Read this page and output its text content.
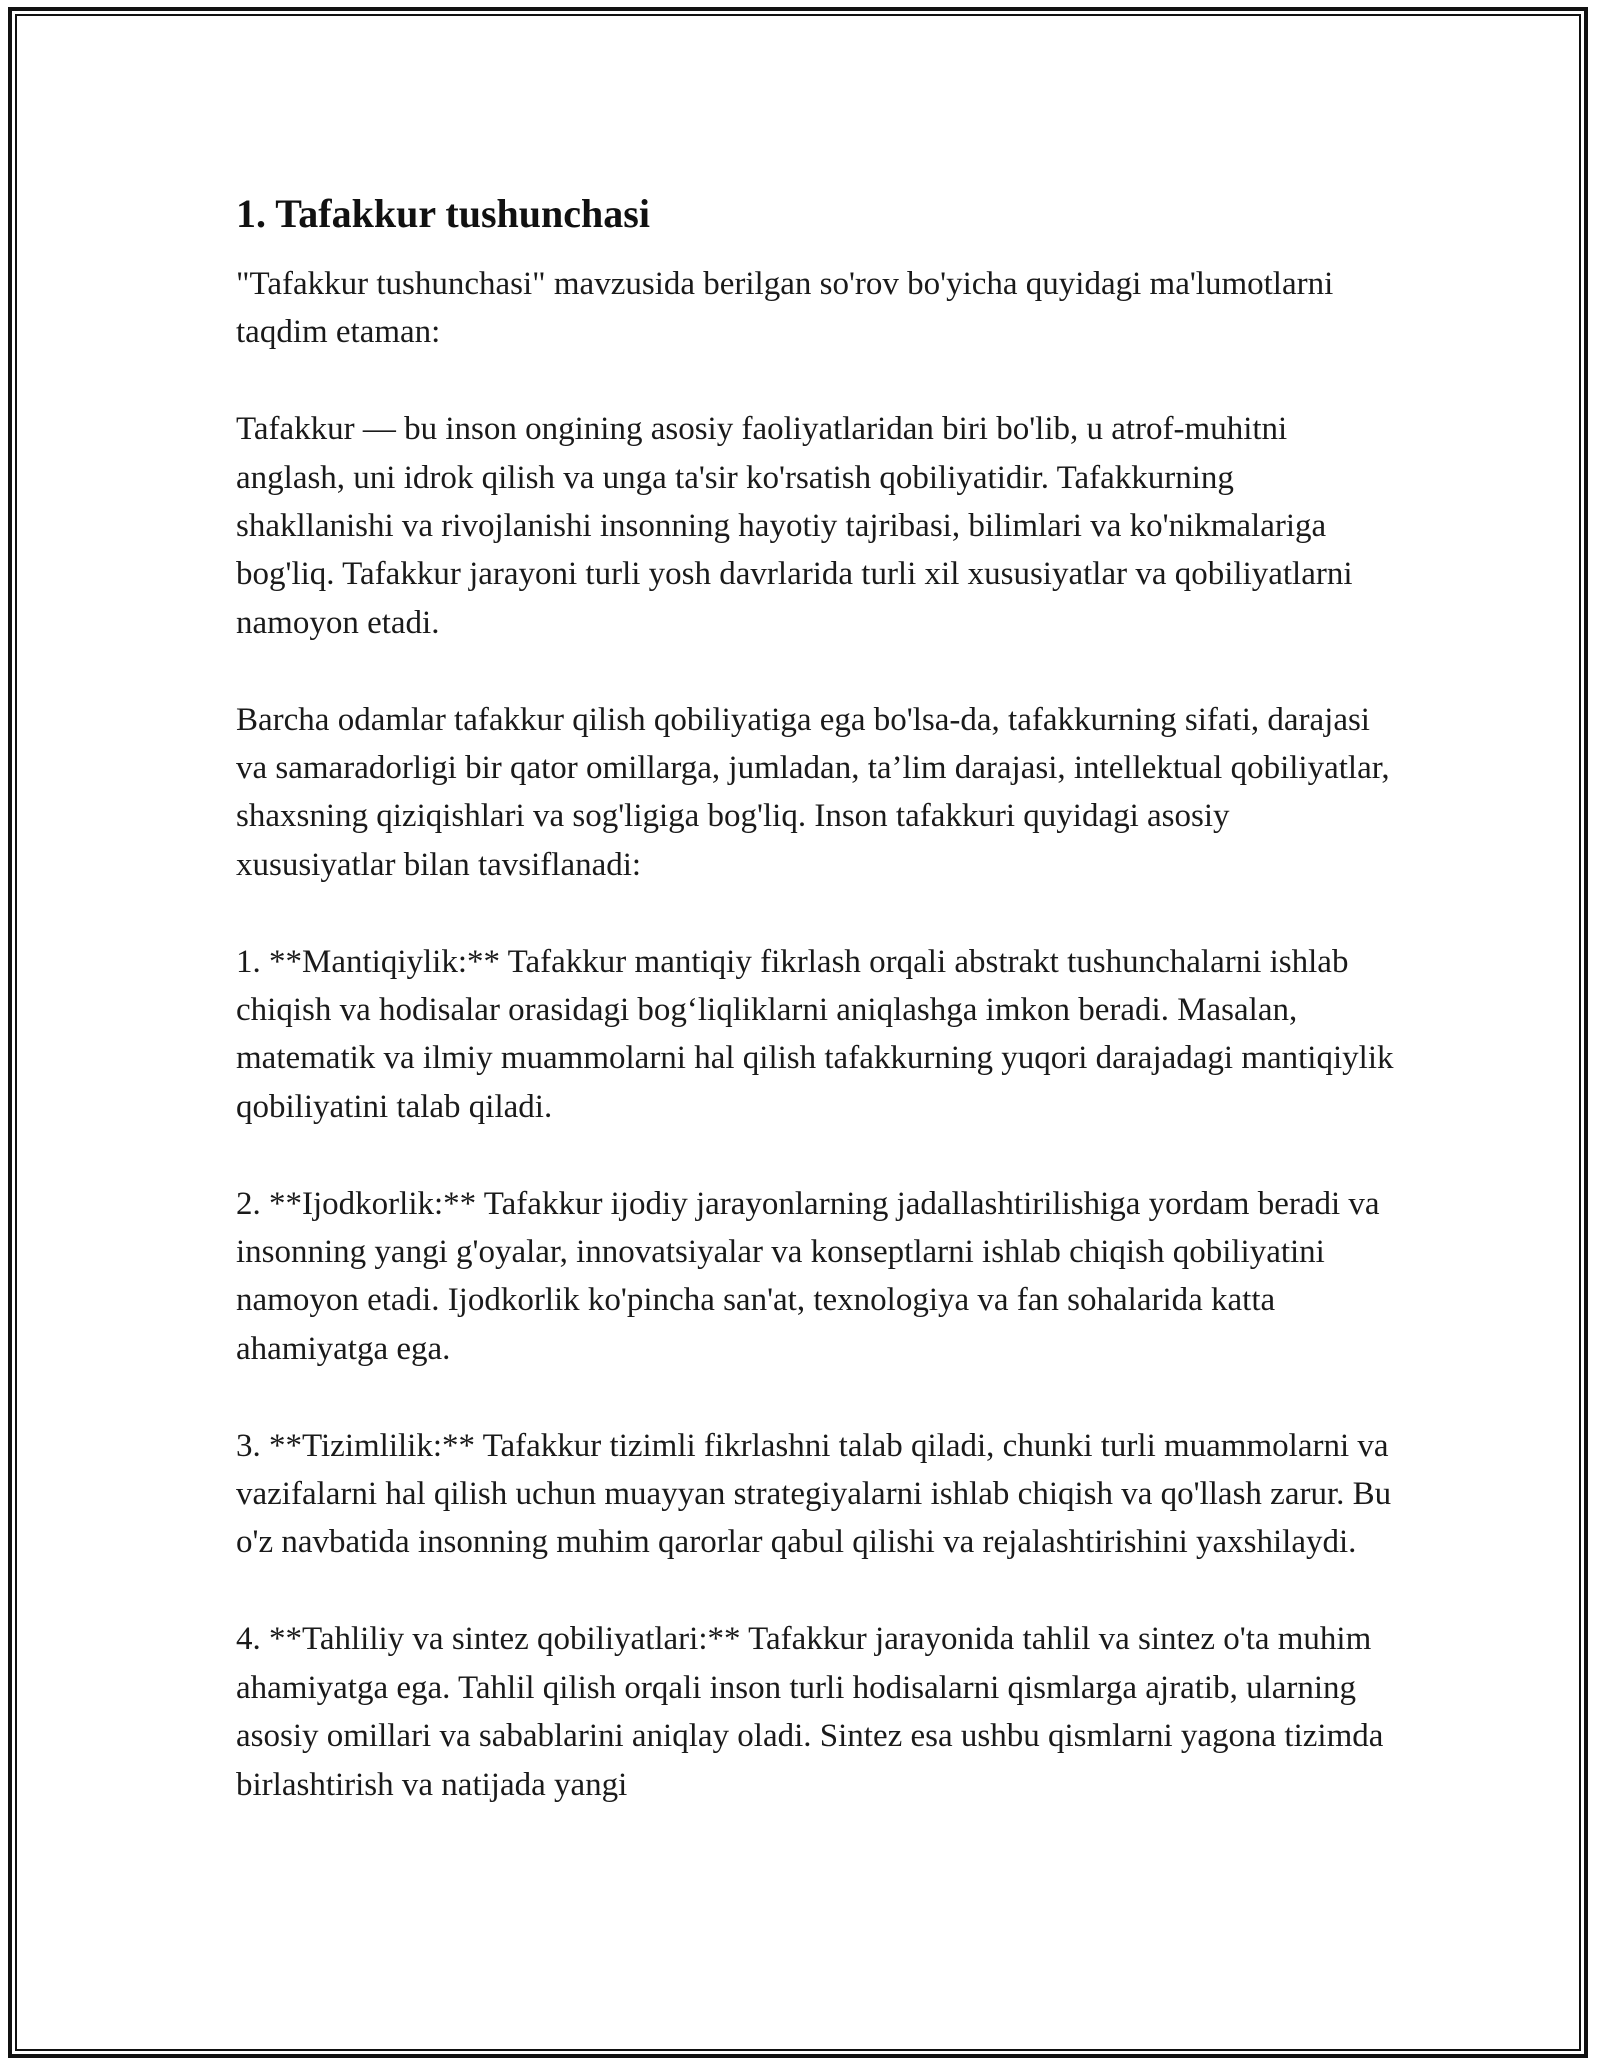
1. Tafakkur tushunchasi

"Tafakkur tushunchasi" mavzusida berilgan so'rov bo'yicha quyidagi ma'lumotlarni taqdim etaman:

Tafakkur — bu inson ongining asosiy faoliyatlaridan biri bo'lib, u atrof-muhitni anglash, uni idrok qilish va unga ta'sir ko'rsatish qobiliyatidir. Tafakkurning shakllanishi va rivojlanishi insonning hayotiy tajribasi, bilimlari va ko'nikmalariga bog'liq. Tafakkur jarayoni turli yosh davrlarida turli xil xususiyatlar va qobiliyatlarni namoyon etadi.

Barcha odamlar tafakkur qilish qobiliyatiga ega bo'lsa-da, tafakkurning sifati, darajasi va samaradorligi bir qator omillarga, jumladan, ta’lim darajasi, intellektual qobiliyatlar, shaxsning qiziqishlari va sog'ligiga bog'liq. Inson tafakkuri quyidagi asosiy xususiyatlar bilan tavsiflanadi:

1. **Mantiqiylik:** Tafakkur mantiqiy fikrlash orqali abstrakt tushunchalarni ishlab chiqish va hodisalar orasidagi bog‘liqliklarni aniqlashga imkon beradi. Masalan, matematik va ilmiy muammolarni hal qilish tafakkurning yuqori darajadagi mantiqiylik qobiliyatini talab qiladi.

2. **Ijodkorlik:** Tafakkur ijodiy jarayonlarning jadallashtirilishiga yordam beradi va insonning yangi g'oyalar, innovatsiyalar va konseptlarni ishlab chiqish qobiliyatini namoyon etadi. Ijodkorlik ko'pincha san'at, texnologiya va fan sohalarida katta ahamiyatga ega.

3. **Tizimlilik:** Tafakkur tizimli fikrlashni talab qiladi, chunki turli muammolarni va vazifalarni hal qilish uchun muayyan strategiyalarni ishlab chiqish va qo'llash zarur. Bu o'z navbatida insonning muhim qarorlar qabul qilishi va rejalashtirishini yaxshilaydi.

4. **Tahliliy va sintez qobiliyatlari:** Tafakkur jarayonida tahlil va sintez o'ta muhim ahamiyatga ega. Tahlil qilish orqali inson turli hodisalarni qismlarga ajratib, ularning asosiy omillari va sabablarini aniqlay oladi. Sintez esa ushbu qismlarni yagona tizimda birlashtirish va natijada yangi
